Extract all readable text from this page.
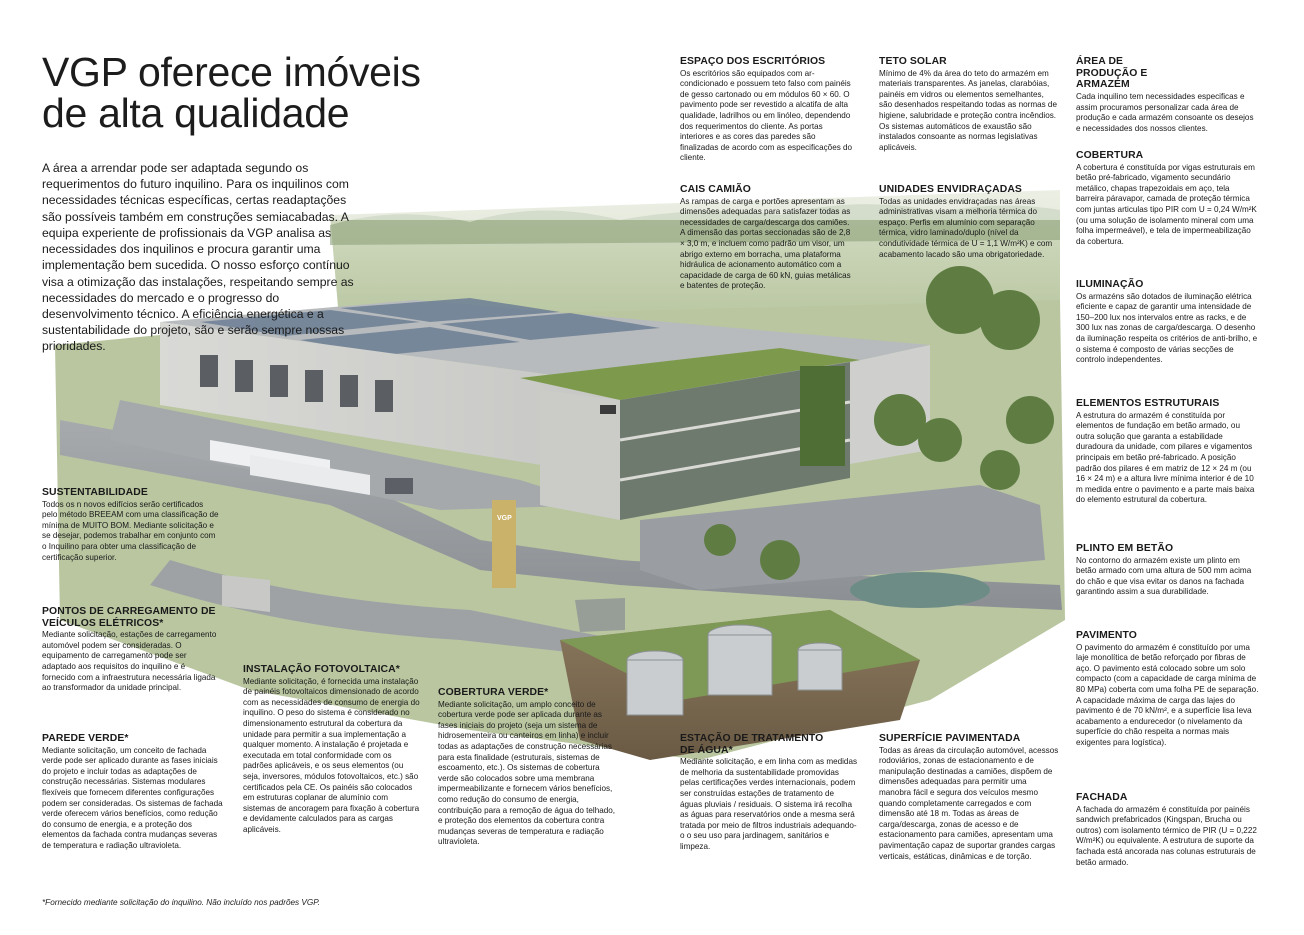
VGP
VGP oferece imóveis
de alta qualidade

A área a arrendar pode ser adaptada segundo os requerimentos do futuro inquilino. Para os inquilinos com necessidades técnicas específicas, certas readaptações são possíveis também em construções semiacabadas. A equipa experiente de profissionais da VGP analisa as necessidades dos inquilinos e procura garantir uma implementação bem sucedida. O nosso esforço contínuo visa a otimização das instalações, respeitando sempre as necessidades do mercado e o progresso do desenvolvimento técnico. A eficiência energética e a sustentabilidade do projeto, são e serão sempre nossas prioridades.

ESPAÇO DOS ESCRITÓRIOS

Os escritórios são equipados com ar-condicionado e possuem teto falso com painéis de gesso cartonado ou em módulos 60 × 60. O pavimento pode ser revestido a alcatifa de alta qualidade, ladrilhos ou em linóleo, dependendo dos requerimentos do cliente. As portas interiores e as cores das paredes são finalizadas de acordo com as especificações do cliente.

CAIS CAMIÃO

As rampas de carga e portões apresentam as dimensões adequadas para satisfazer todas as necessidades de carga/descarga dos camiões. A dimensão das portas seccionadas são de 2,8 × 3,0 m, e incluem como padrão um visor, um abrigo externo em borracha, uma plataforma hidráulica de acionamento automático com a capacidade de carga de 60 kN, guias metálicas e batentes de proteção.

TETO SOLAR

Mínimo de 4% da área do teto do armazém em materiais transparentes. As janelas, clarabóias, painéis em vidros ou elementos semelhantes, são desenhados respeitando todas as normas de higiene, salubridade e proteção contra incêndios. Os sistemas automáticos de exaustão são instalados consoante as normas legislativas aplicáveis.

UNIDADES ENVIDRAÇADAS

Todas as unidades envidraçadas nas áreas administrativas visam a melhoria térmica do espaço. Perfis em alumínio com separação térmica, vidro laminado/duplo (nível da condutividade térmica de U = 1,1 W/m²K) e com acabamento lacado são uma obrigatoriedade.

ÁREA DE PRODUÇÃO E ARMAZÉM

Cada inquilino tem necessidades especificas e assim procuramos personalizar cada área de produção e cada armazém consoante os desejos e necessidades dos nossos clientes.

COBERTURA

A cobertura é constituída por vigas estruturais em betão pré-fabricado, vigamento secundário metálico, chapas trapezoidais em aço, tela barreira páravapor, camada de proteção térmica com juntas articulas tipo PIR com U = 0,24 W/m²K (ou uma solução de isolamento mineral com uma folha impermeável), e tela de impermeabilização da cobertura.

ILUMINAÇÃO

Os armazéns são dotados de iluminação elétrica eficiente e capaz de garantir uma intensidade de 150–200 lux nos intervalos entre as racks, e de 300 lux nas zonas de carga/descarga. O desenho da iluminação respeita os critérios de anti-brilho, e o sistema é composto de várias secções de controlo independentes.

ELEMENTOS ESTRUTURAIS

A estrutura do armazém é constituída por elementos de fundação em betão armado, ou outra solução que garanta a estabilidade duradoura da unidade, com pilares e vigamentos principais em betão pré-fabricado. A posição padrão dos pilares é em matriz de 12 × 24 m (ou 16 × 24 m) e a altura livre mínima interior é de 10 m medida entre o pavimento e a parte mais baixa do elemento estrutural da cobertura.

PLINTO EM BETÃO

No contorno do armazém existe um plinto em betão armado com uma altura de 500 mm acima do chão e que visa evitar os danos na fachada garantindo assim a sua durabilidade.

PAVIMENTO

O pavimento do armazém é constituído por uma laje monolítica de betão reforçado por fibras de aço. O pavimento está colocado sobre um solo compacto (com a capacidade de carga mínima de 80 MPa) coberta com uma folha PE de separação. A capacidade máxima de carga das lajes do pavimento é de 70 kN/m², e a superfície lisa leva acabamento a endurecedor (o nivelamento da superfície do chão respeita a normas mais exigentes para logística).

FACHADA

A fachada do armazém é constituída por painéis sandwich prefabricados (Kingspan, Brucha ou outros) com isolamento térmico de PIR (U = 0,222 W/m²K) ou equivalente. A estrutura de suporte da fachada está ancorada nas colunas estruturais de betão armado.

SUSTENTABILIDADE

Todos os n novos edifícios serão certificados pelo método BREEAM com uma classificação de mínima de MUITO BOM. Mediante solicitação e se desejar, podemos trabalhar em conjunto com o Inquilino para obter uma classificação de certificação superior.

PONTOS DE CARREGAMENTO DE VEÍCULOS ELÉTRICOS*

Mediante solicitação, estações de carregamento automóvel podem ser consideradas. O equipamento de carregamento pode ser adaptado aos requisitos do inquilino e é fornecido com a infraestrutura necessária ligada ao transformador da unidade principal.

PAREDE VERDE*

Mediante solicitação, um conceito de fachada verde pode ser aplicado durante as fases iniciais do projeto e incluir todas as adaptações de construção necessárias. Sistemas modulares flexíveis que fornecem diferentes configurações podem ser consideradas. Os sistemas de fachada verde oferecem vários benefícios, como redução do consumo de energia, e a proteção dos elementos da fachada contra mudanças severas de temperatura e radiação ultravioleta.

INSTALAÇÃO FOTOVOLTAICA*

Mediante solicitação, é fornecida uma instalação de painéis fotovoltaicos dimensionado de acordo com as necessidades de consumo de energia do inquilino. O peso do sistema é considerado no dimensionamento estrutural da cobertura da unidade para permitir a sua implementação a qualquer momento. A instalação é projetada e executada em total conformidade com os padrões aplicáveis, e os seus elementos (ou seja, inversores, módulos fotovoltaicos, etc.) são certificados pela CE. Os painéis são colocados em estruturas coplanar de alumínio com sistemas de ancoragem para fixação à cobertura e devidamente calculados para as cargas aplicáveis.

COBERTURA VERDE*

Mediante solicitação, um amplo conceito de cobertura verde pode ser aplicada durante as fases iniciais do projeto (seja um sistema de hidrosementeira ou canteiros em linha) e incluir todas as adaptações de construção necessárias para esta finalidade (estruturais, sistemas de escoamento, etc.). Os sistemas de cobertura verde são colocados sobre uma membrana impermeabilizante e fornecem vários benefícios, como redução do consumo de energia, contribuição para a remoção de água do telhado, e proteção dos elementos da cobertura contra mudanças severas de temperatura e radiação ultravioleta.

ESTAÇÃO DE TRATAMENTO DE ÁGUA*

Mediante solicitação, e em linha com as medidas de melhoria da sustentabilidade promovidas pelas certificações verdes internacionais, podem ser construídas estações de tratamento de águas pluviais / residuais. O sistema irá recolha as águas para reservatórios onde a mesma será tratada por meio de filtros industriais adequando-o o seu uso para jardinagem, sanitários e limpeza.

SUPERFÍCIE PAVIMENTADA

Todas as áreas da circulação automóvel, acessos rodoviários, zonas de estacionamento e de manipulação destinadas a camiões, dispõem de dimensões adequadas para permitir uma manobra fácil e segura dos veículos mesmo quando completamente carregados e com dimensão até 18 m. Todas as áreas de carga/descarga, zonas de acesso e de estacionamento para camiões, apresentam uma pavimentação capaz de suportar grandes cargas verticais, estáticas, dinâmicas e de torção.

*Fornecido mediante solicitação do inquilino. Não incluído nos padrões VGP.
